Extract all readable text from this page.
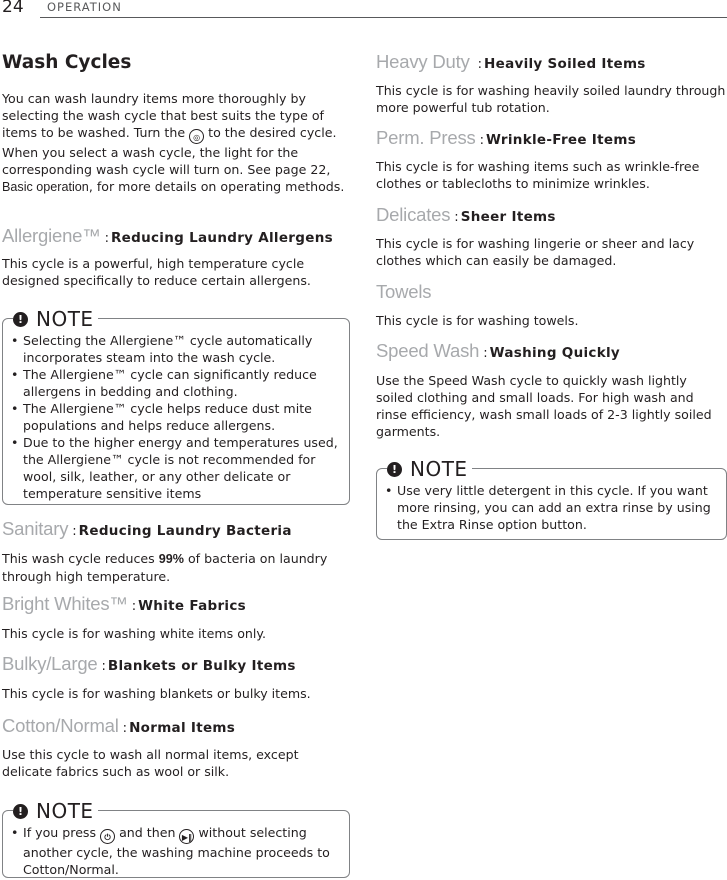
24 OPERATION
Wash Cycles

You can wash laundry items more thoroughly by selecting the wash cycle that best suits the type of items to be washed. Turn the ◎ to the desired cycle. When you select a wash cycle, the light for the corresponding wash cycle will turn on. See page 22, Basic operation, for more details on operating methods.

Allergiene™ : Reducing Laundry Allergens

This cycle is a powerful, high temperature cycle designed specifically to reduce certain allergens.

! NOTE
• Selecting the Allergiene™ cycle automatically incorporates steam into the wash cycle.
• The Allergiene™ cycle can significantly reduce allergens in bedding and clothing.
• The Allergiene™ cycle helps reduce dust mite populations and helps reduce allergens.
• Due to the higher energy and temperatures used, the Allergiene™ cycle is not recommended for wool, silk, leather, or any other delicate or temperature sensitive items
Sanitary : Reducing Laundry Bacteria

This wash cycle reduces 99% of bacteria on laundry through high temperature.

Bright Whites™ : White Fabrics

This cycle is for washing white items only.

Bulky/Large : Blankets or Bulky Items

This cycle is for washing blankets or bulky items.

Cotton/Normal : Normal Items

Use this cycle to wash all normal items, except delicate fabrics such as wool or silk.

! NOTE
• If you press ⏻ and then ▶‖ without selecting another cycle, the washing machine proceeds to Cotton/Normal.
Heavy Duty : Heavily Soiled Items

This cycle is for washing heavily soiled laundry through more powerful tub rotation.

Perm. Press : Wrinkle-Free Items

This cycle is for washing items such as wrinkle-free clothes or tablecloths to minimize wrinkles.

Delicates : Sheer Items

This cycle is for washing lingerie or sheer and lacy clothes which can easily be damaged.

Towels

This cycle is for washing towels.

Speed Wash : Washing Quickly

Use the Speed Wash cycle to quickly wash lightly soiled clothing and small loads. For high wash and rinse efficiency, wash small loads of 2-3 lightly soiled garments.

! NOTE
• Use very little detergent in this cycle. If you want more rinsing, you can add an extra rinse by using the Extra Rinse option button.
